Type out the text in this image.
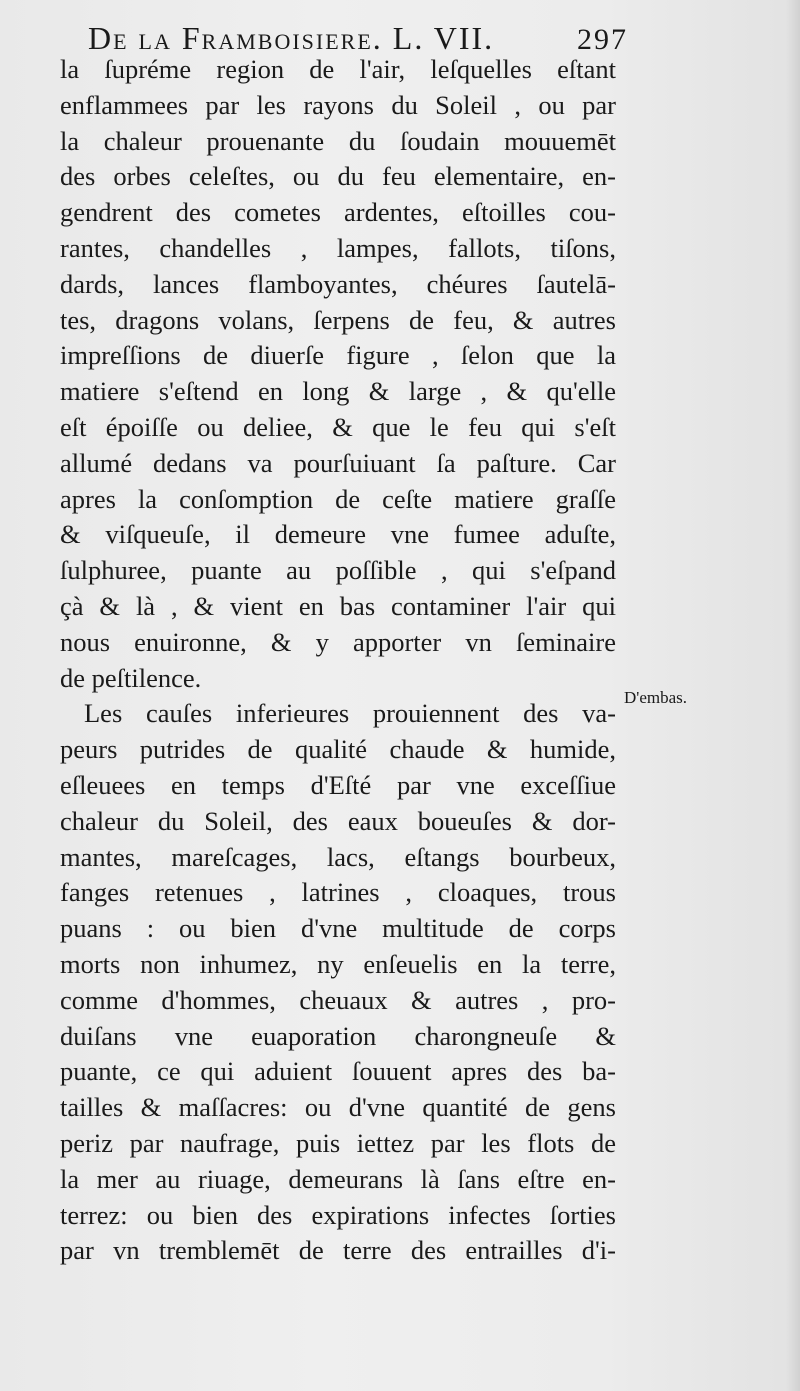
De la Framboisiere. L. VII.	297
la ſupréme region de l'air, leſquelles eſtant
enflammees par les rayons du Soleil , ou par
la chaleur prouenante du ſoudain mouuemēt
des orbes celeſtes, ou du feu elementaire, en-
gendrent des cometes ardentes, eſtoilles cou-
rantes, chandelles , lampes, fallots, tiſons,
dards, lances flamboyantes, chéures ſautelā-
tes, dragons volans, ſerpens de feu, & autres
impreſſions de diuerſe figure , ſelon que la
matiere s'eſtend en long & large , & qu'elle
eſt époiſſe ou deliee, & que le feu qui s'eſt
allumé dedans va pourſuiuant ſa paſture. Car
apres la conſomption de ceſte matiere graſſe
& viſqueuſe, il demeure vne fumee aduſte,
ſulphuree, puante au poſſible , qui s'eſpand
çà & là , & vient en bas contaminer l'air qui
nous enuironne, & y apporter vn ſeminaire
de peſtilence.
Les cauſes inferieures prouiennent des va-
peurs putrides de qualité chaude & humide,
eſleuees en temps d'Eſté par vne exceſſiue
chaleur du Soleil, des eaux boueuſes & dor-
mantes, mareſcages, lacs, eſtangs bourbeux,
fanges retenues , latrines , cloaques, trous
puans : ou bien d'vne multitude de corps
morts non inhumez, ny enſeuelis en la terre,
comme d'hommes, cheuaux & autres , pro-
duiſans vne euaporation charongneuſe &
puante, ce qui aduient ſouuent apres des ba-
tailles & maſſacres: ou d'vne quantité de gens
periz par naufrage, puis iettez par les flots de
la mer au riuage, demeurans là ſans eſtre en-
terrez: ou bien des expirations infectes ſorties
par vn tremblemēt de terre des entrailles d'i-
D'embas.
